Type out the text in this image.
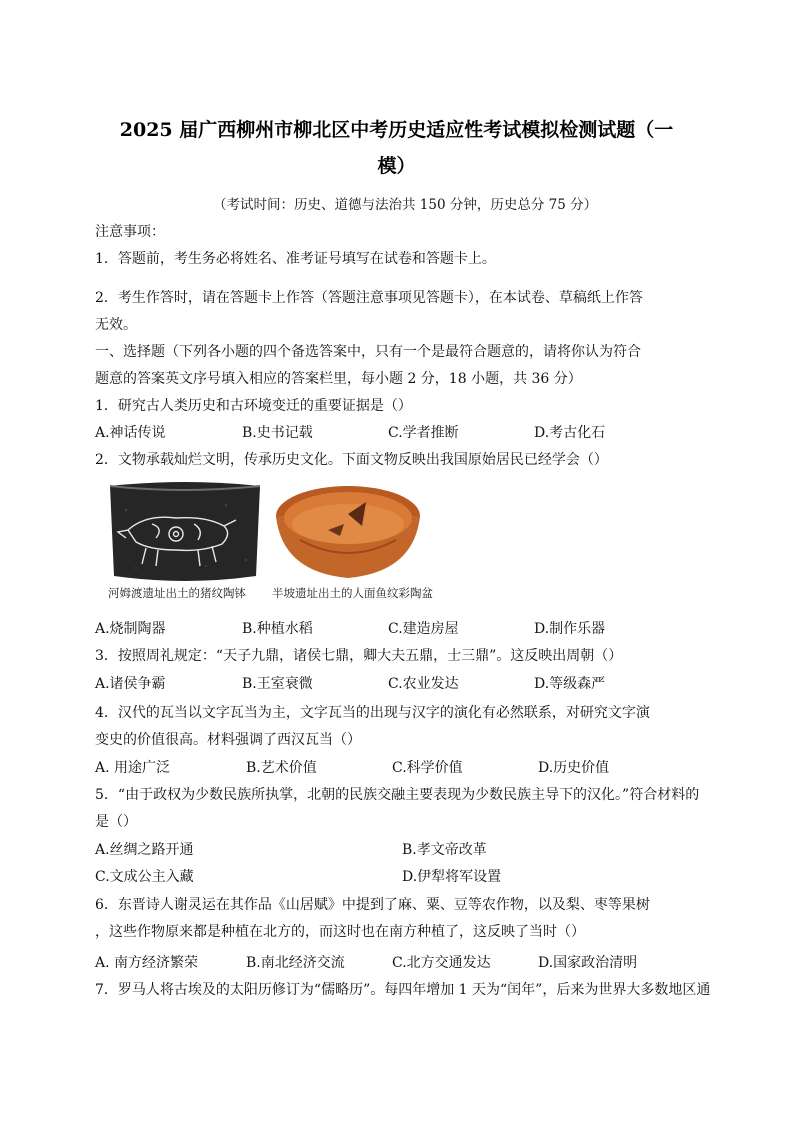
2025 届广西柳州市柳北区中考历史适应性考试模拟检测试题（一
模）
（考试时间：历史、道德与法治共 150 分钟，历史总分 75 分）
注意事项：
1．答题前，考生务必将姓名、准考证号填写在试卷和答题卡上。
2．考生作答时，请在答题卡上作答（答题注意事项见答题卡），在本试卷、草稿纸上作答
无效。
一、选择题（下列各小题的四个备选答案中，只有一个是最符合题意的，请将你认为符合
题意的答案英文序号填入相应的答案栏里，每小题 2 分，18 小题，共 36 分）
1．研究古人类历史和古环境变迁的重要证据是（）
A.神话传说	B.史书记载	C.学者推断	D.考古化石
2．文物承载灿烂文明，传承历史文化。下面文物反映出我国原始居民已经学会（）
河姆渡遗址出土的猪纹陶钵 半坡遗址出土的人面鱼纹彩陶盆
A.烧制陶器	B.种植水稻	C.建造房屋	D.制作乐器
3．按照周礼规定：“天子九鼎，诸侯七鼎，卿大夫五鼎，士三鼎”。这反映出周朝（）
A.诸侯争霸	B.王室衰微	C.农业发达	D.等级森严
4．汉代的瓦当以文字瓦当为主，文字瓦当的出现与汉字的演化有必然联系，对研究文字演
变史的价值很高。材料强调了西汉瓦当（）
A. 用途广泛	B.艺术价值	C.科学价值	D.历史价值
5．“由于政权为少数民族所执掌，北朝的民族交融主要表现为少数民族主导下的汉化。”符合材料的
是（）
A.丝绸之路开通	B.孝文帝改革
C.文成公主入藏	D.伊犁将军设置
6．东晋诗人谢灵运在其作品《山居赋》中提到了麻、粟、豆等农作物，以及梨、枣等果树
，这些作物原来都是种植在北方的，而这时也在南方种植了，这反映了当时（）
A. 南方经济繁荣	B.南北经济交流	C.北方交通发达	D.国家政治清明
7．罗马人将古埃及的太阳历修订为“儒略历”。每四年增加 1 天为“闰年”，后来为世界大多数地区通
